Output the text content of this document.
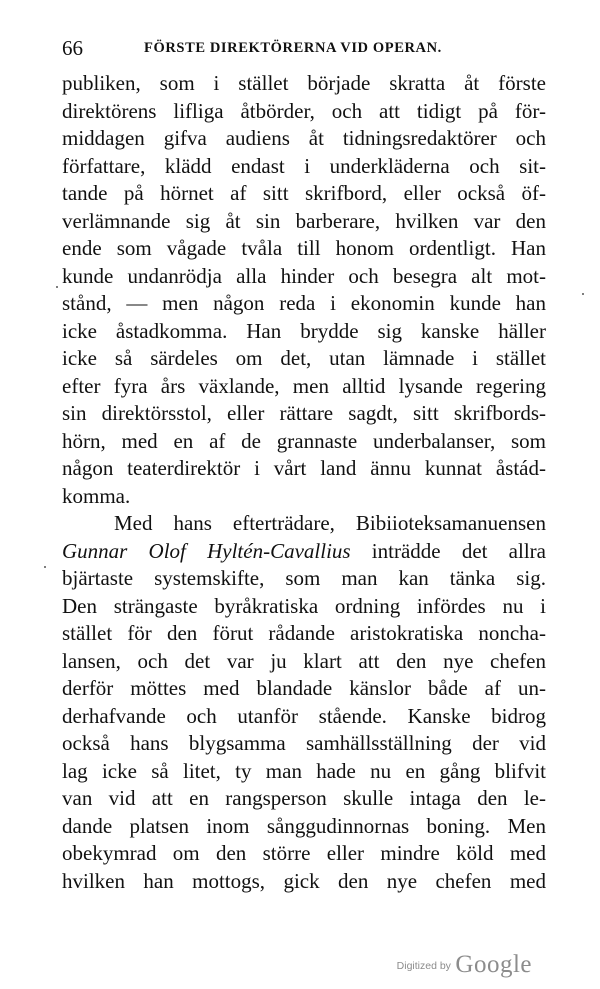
66	FÖRSTE DIREKTÖRERNA VID OPERAN.
publiken, som i stället började skratta åt förste
direktörens lifliga åtbörder, och att tidigt på för-
middagen gifva audiens åt tidningsredaktörer och
författare, klädd endast i underkläderna och sit-
tande på hörnet af sitt skrifbord, eller också öf-
verlämnande sig åt sin barberare, hvilken var den
ende som vågade tvåla till honom ordentligt. Han
kunde undanrödja alla hinder och besegra alt mot-
stånd, — men någon reda i ekonomin kunde han
icke åstadkomma. Han brydde sig kanske häller
icke så särdeles om det, utan lämnade i stället
efter fyra års växlande, men alltid lysande regering
sin direktörsstol, eller rättare sagdt, sitt skrifbords-
hörn, med en af de grannaste underbalanser, som
någon teaterdirektör i vårt land ännu kunnat åstád-
komma.
Med hans efterträdare, Bibiioteksamanuensen
Gunnar Olof Hyltén-Cavallius inträdde det allra
bjärtaste systemskifte, som man kan tänka sig.
Den strängaste byråkratiska ordning infördes nu i
stället för den förut rådande aristokratiska noncha-
lansen, och det var ju klart att den nye chefen
derför möttes med blandade känslor både af un-
derhafvande och utanför stående. Kanske bidrog
också hans blygsamma samhällsställning der vid
lag icke så litet, ty man hade nu en gång blifvit
van vid att en rangsperson skulle intaga den le-
dande platsen inom sånggudinnornas boning. Men
obekymrad om den större eller mindre köld med
hvilken han mottogs, gick den nye chefen med
Digitized by Google
